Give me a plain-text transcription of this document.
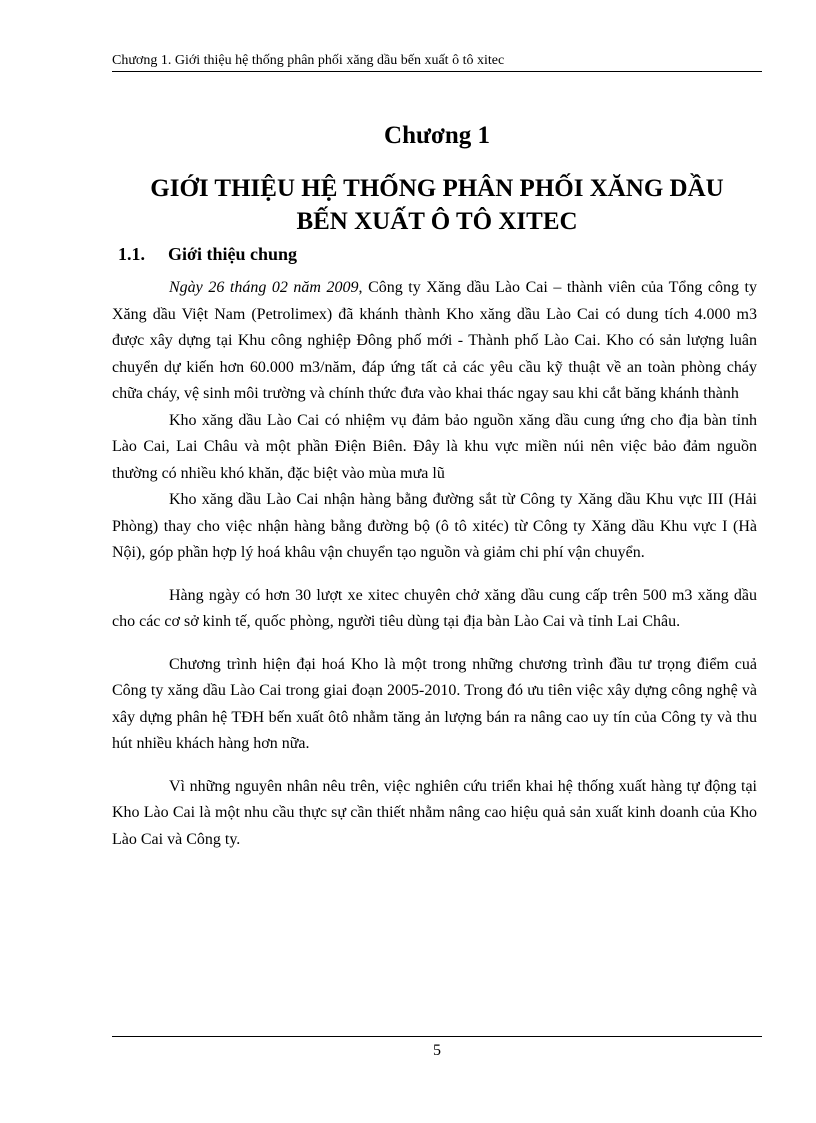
Chương 1. Giới thiệu hệ thống phân phối xăng dầu bến xuất ô tô xitec
Chương 1
GIỚI THIỆU HỆ THỐNG PHÂN PHỐI XĂNG DẦU
BẾN XUẤT Ô TÔ XITEC
1.1. Giới thiệu chung

Ngày 26 tháng 02 năm 2009, Công ty Xăng dầu Lào Cai – thành viên của Tổng công ty Xăng dầu Việt Nam (Petrolimex) đã khánh thành Kho xăng dầu Lào Cai có dung tích 4.000 m3 được xây dựng tại Khu công nghiệp Đông phố mới - Thành phố Lào Cai. Kho có sản lượng luân chuyển dự kiến hơn 60.000 m3/năm, đáp ứng tất cả các yêu cầu kỹ thuật về an toàn phòng cháy chữa cháy, vệ sinh môi trường và chính thức đưa vào khai thác ngay sau khi cắt băng khánh thành

Kho xăng dầu Lào Cai có nhiệm vụ đảm bảo nguồn xăng dầu cung ứng cho địa bàn tỉnh Lào Cai, Lai Châu và một phần Điện Biên. Đây là khu vực miền núi nên việc bảo đảm nguồn thường có nhiều khó khăn, đặc biệt vào mùa mưa lũ

Kho xăng dầu Lào Cai nhận hàng bằng đường sắt từ Công ty Xăng dầu Khu vực III (Hải Phòng) thay cho việc nhận hàng bằng đường bộ (ô tô xitéc) từ Công ty Xăng dầu Khu vực I (Hà Nội), góp phần hợp lý hoá khâu vận chuyển tạo nguồn và giảm chi phí vận chuyển.

Hàng ngày có hơn 30 lượt xe xitec chuyên chở xăng dầu cung cấp trên 500 m3 xăng dầu cho các cơ sở kinh tế, quốc phòng, người tiêu dùng tại địa bàn Lào Cai và tỉnh Lai Châu.

Chương trình hiện đại hoá Kho là một trong những chương trình đầu tư trọng điểm cuả Công ty xăng dầu Lào Cai trong giai đoạn 2005-2010. Trong đó ưu tiên việc xây dựng công nghệ và xây dựng phân hệ TĐH bến xuất ôtô nhằm tăng ản lượng bán ra nâng cao uy tín của Công ty và thu hút nhiều khách hàng hơn nữa.

Vì những nguyên nhân nêu trên, việc nghiên cứu triển khai hệ thống xuất hàng tự động tại Kho Lào Cai là một nhu cầu thực sự cần thiết nhằm nâng cao hiệu quả sản xuất kinh doanh của Kho Lào Cai và Công ty.

5
